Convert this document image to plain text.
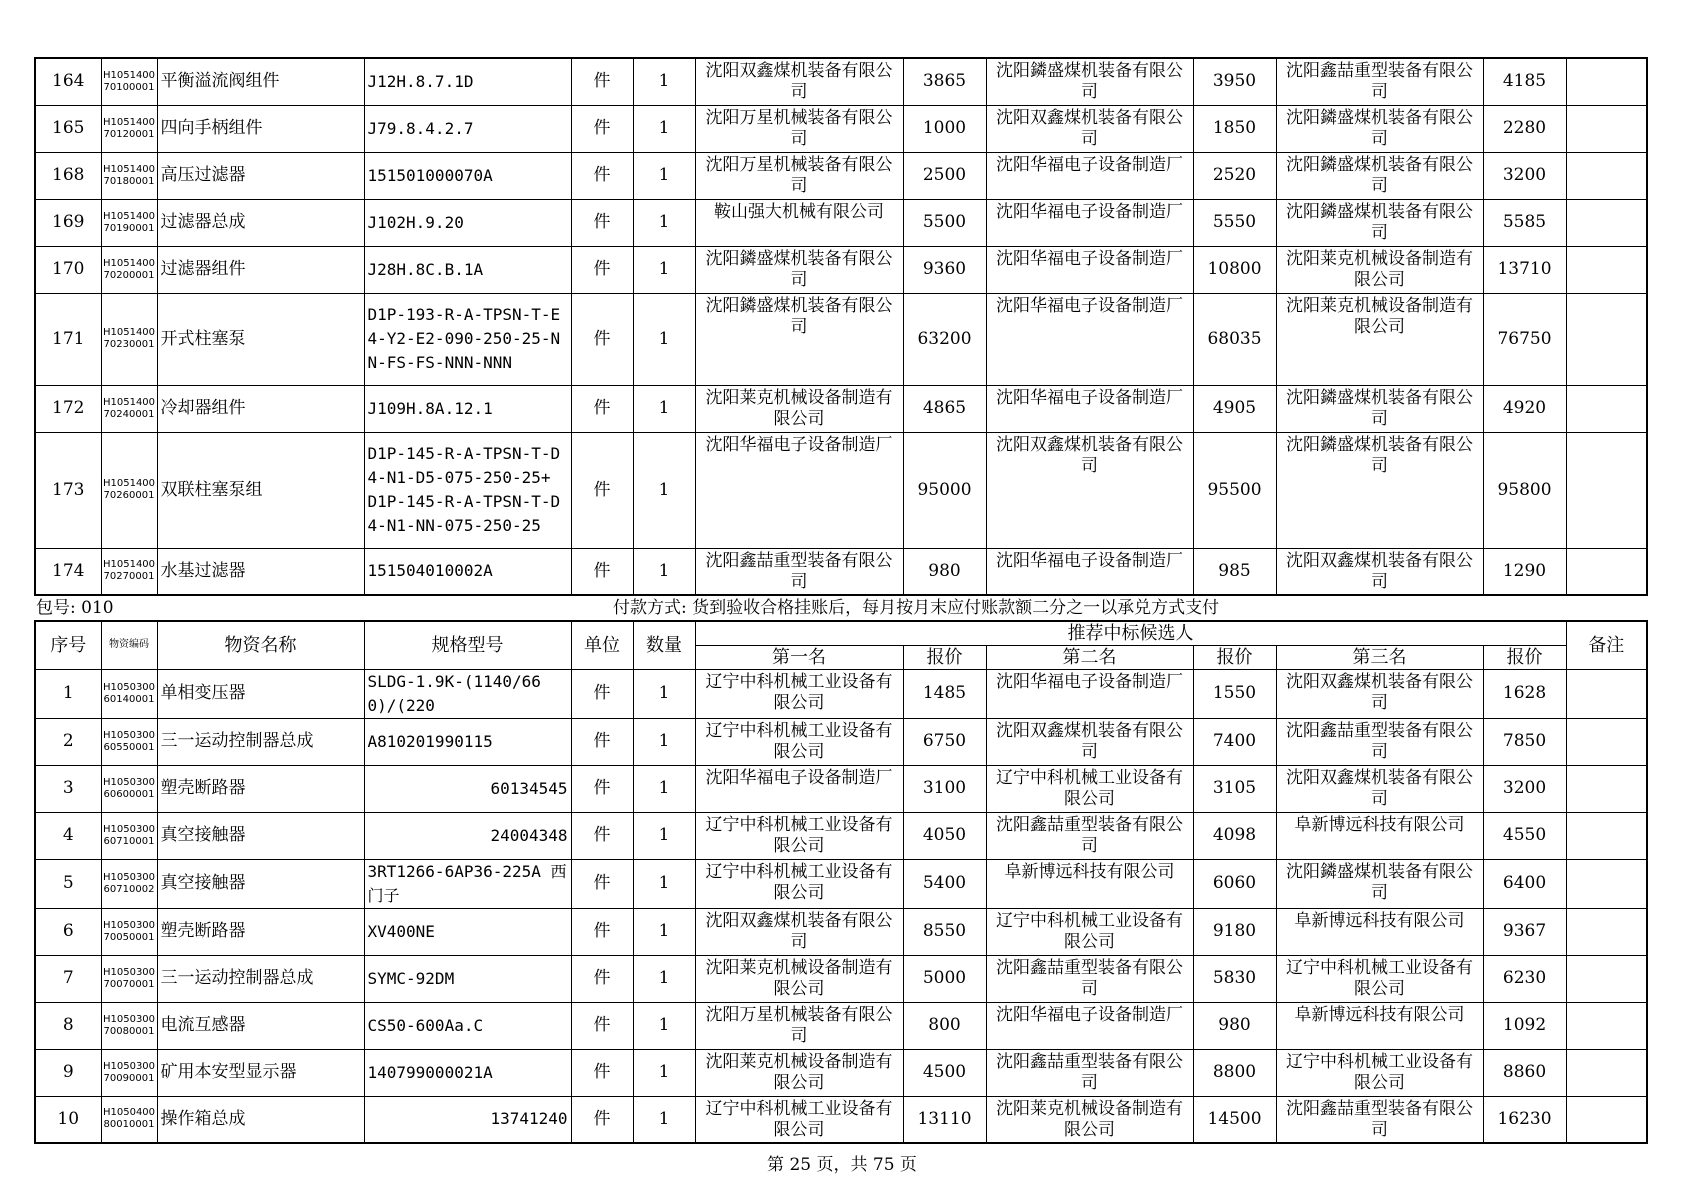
164	H105140070100001	平衡溢流阀组件	J12H.8.7.1D	件	1	沈阳双鑫煤机装备有限公司	3865	沈阳鏻盛煤机装备有限公司	3950	沈阳鑫喆重型装备有限公司	4185	
165	H105140070120001	四向手柄组件	J79.8.4.2.7	件	1	沈阳万星机械装备有限公司	1000	沈阳双鑫煤机装备有限公司	1850	沈阳鏻盛煤机装备有限公司	2280	
168	H105140070180001	高压过滤器	151501000070A	件	1	沈阳万星机械装备有限公司	2500	沈阳华福电子设备制造厂	2520	沈阳鏻盛煤机装备有限公司	3200	
169	H105140070190001	过滤器总成	J102H.9.20	件	1	鞍山强大机械有限公司	5500	沈阳华福电子设备制造厂	5550	沈阳鏻盛煤机装备有限公司	5585	
170	H105140070200001	过滤器组件	J28H.8C.B.1A	件	1	沈阳鏻盛煤机装备有限公司	9360	沈阳华福电子设备制造厂	10800	沈阳莱克机械设备制造有限公司	13710	
171	H105140070230001	开式柱塞泵	D1P-193-R-A-TPSN-T-E4-Y2-E2-090-250-25-NN-FS-FS-NNN-NNN	件	1	沈阳鏻盛煤机装备有限公司	63200	沈阳华福电子设备制造厂	68035	沈阳莱克机械设备制造有限公司	76750	
172	H105140070240001	冷却器组件	J109H.8A.12.1	件	1	沈阳莱克机械设备制造有限公司	4865	沈阳华福电子设备制造厂	4905	沈阳鏻盛煤机装备有限公司	4920	
173	H105140070260001	双联柱塞泵组	D1P-145-R-A-TPSN-T-D4-N1-D5-075-250-25+ D1P-145-R-A-TPSN-T-D4-N1-NN-075-250-25	件	1	沈阳华福电子设备制造厂	95000	沈阳双鑫煤机装备有限公司	95500	沈阳鏻盛煤机装备有限公司	95800	
174	H105140070270001	水基过滤器	151504010002A	件	1	沈阳鑫喆重型装备有限公司	980	沈阳华福电子设备制造厂	985	沈阳双鑫煤机装备有限公司	1290	
包号: 010	付款方式: 货到验收合格挂账后，每月按月末应付账款额二分之一以承兑方式支付
序号	物资编码	物资名称	规格型号	单位	数量	推荐中标候选人						备注
						第一名	报价	第二名	报价	第三名	报价	
1	H105030060140001	单相变压器	SLDG-1.9K-(1140/660)/(220	件	1	辽宁中科机械工业设备有限公司	1485	沈阳华福电子设备制造厂	1550	沈阳双鑫煤机装备有限公司	1628	
2	H105030060550001	三一运动控制器总成	A810201990115	件	1	辽宁中科机械工业设备有限公司	6750	沈阳双鑫煤机装备有限公司	7400	沈阳鑫喆重型装备有限公司	7850	
3	H105030060600001	塑壳断路器	60134545	件	1	沈阳华福电子设备制造厂	3100	辽宁中科机械工业设备有限公司	3105	沈阳双鑫煤机装备有限公司	3200	
4	H105030060710001	真空接触器	24004348	件	1	辽宁中科机械工业设备有限公司	4050	沈阳鑫喆重型装备有限公司	4098	阜新博远科技有限公司	4550	
5	H105030060710002	真空接触器	3RT1266-6AP36-225A 西门子	件	1	辽宁中科机械工业设备有限公司	5400	阜新博远科技有限公司	6060	沈阳鏻盛煤机装备有限公司	6400	
6	H105030070050001	塑壳断路器	XV400NE	件	1	沈阳双鑫煤机装备有限公司	8550	辽宁中科机械工业设备有限公司	9180	阜新博远科技有限公司	9367	
7	H105030070070001	三一运动控制器总成	SYMC-92DM	件	1	沈阳莱克机械设备制造有限公司	5000	沈阳鑫喆重型装备有限公司	5830	辽宁中科机械工业设备有限公司	6230	
8	H105030070080001	电流互感器	CS50-600Aa.C	件	1	沈阳万星机械装备有限公司	800	沈阳华福电子设备制造厂	980	阜新博远科技有限公司	1092	
9	H105030070090001	矿用本安型显示器	140799000021A	件	1	沈阳莱克机械设备制造有限公司	4500	沈阳鑫喆重型装备有限公司	8800	辽宁中科机械工业设备有限公司	8860	
10	H105040080010001	操作箱总成	13741240	件	1	辽宁中科机械工业设备有限公司	13110	沈阳莱克机械设备制造有限公司	14500	沈阳鑫喆重型装备有限公司	16230	
第 25 页，共 75 页
